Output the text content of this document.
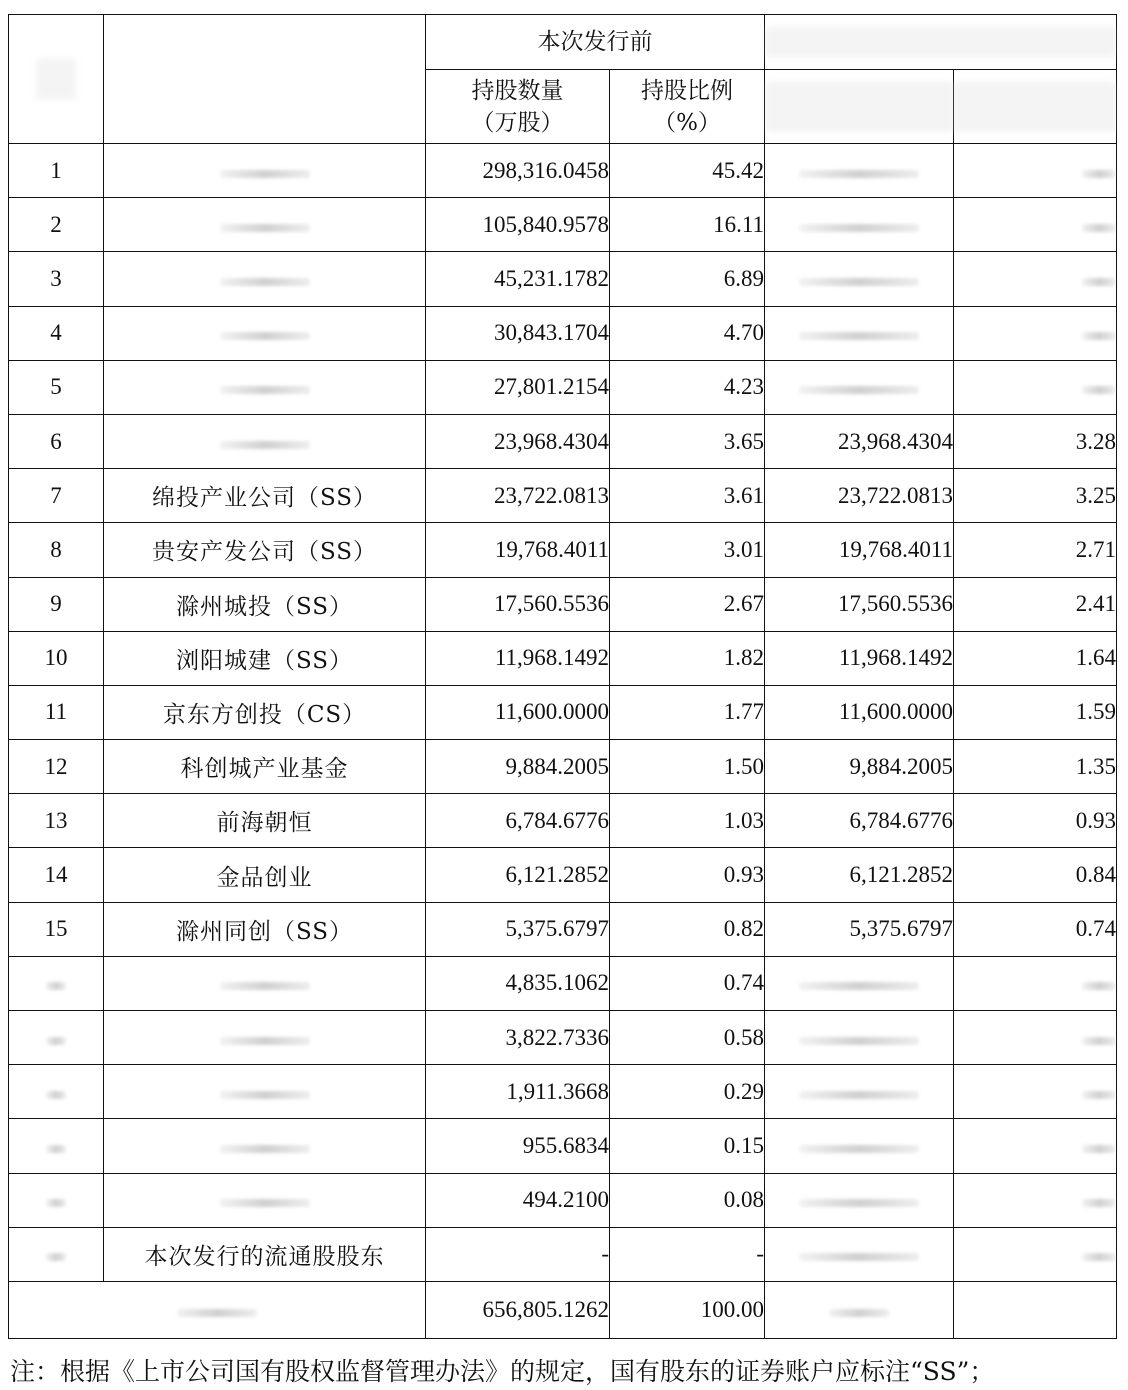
		本次发行前			

		持股数量（万股）	持股比例（%）	

1		298,316.0458	45.42		
2		105,840.9578	16.11		
3		45,231.1782	6.89		
4		30,843.1704	4.70		
5		27,801.2154	4.23		
6		23,968.4304	3.65	23,968.4304	3.28
7	绵投产业公司（SS）	23,722.0813	3.61	23,722.0813	3.25
8	贵安产发公司（SS）	19,768.4011	3.01	19,768.4011	2.71
9	滁州城投（SS）	17,560.5536	2.67	17,560.5536	2.41
10	浏阳城建（SS）	11,968.1492	1.82	11,968.1492	1.64
11	京东方创投（CS）	11,600.0000	1.77	11,600.0000	1.59
12	科创城产业基金	9,884.2005	1.50	9,884.2005	1.35
13	前海朝恒	6,784.6776	1.03	6,784.6776	0.93
14	金品创业	6,121.2852	0.93	6,121.2852	0.84
15	滁州同创（SS）	5,375.6797	0.82	5,375.6797	0.74
		4,835.1062	0.74		
		3,822.7336	0.58		
		1,911.3668	0.29		
		955.6834	0.15		
		494.2100	0.08		
	本次发行的流通股股东	-	-		
		656,805.1262	100.00		
注：根据《上市公司国有股权监督管理办法》的规定，国有股东的证券账户应标注“SS”；
